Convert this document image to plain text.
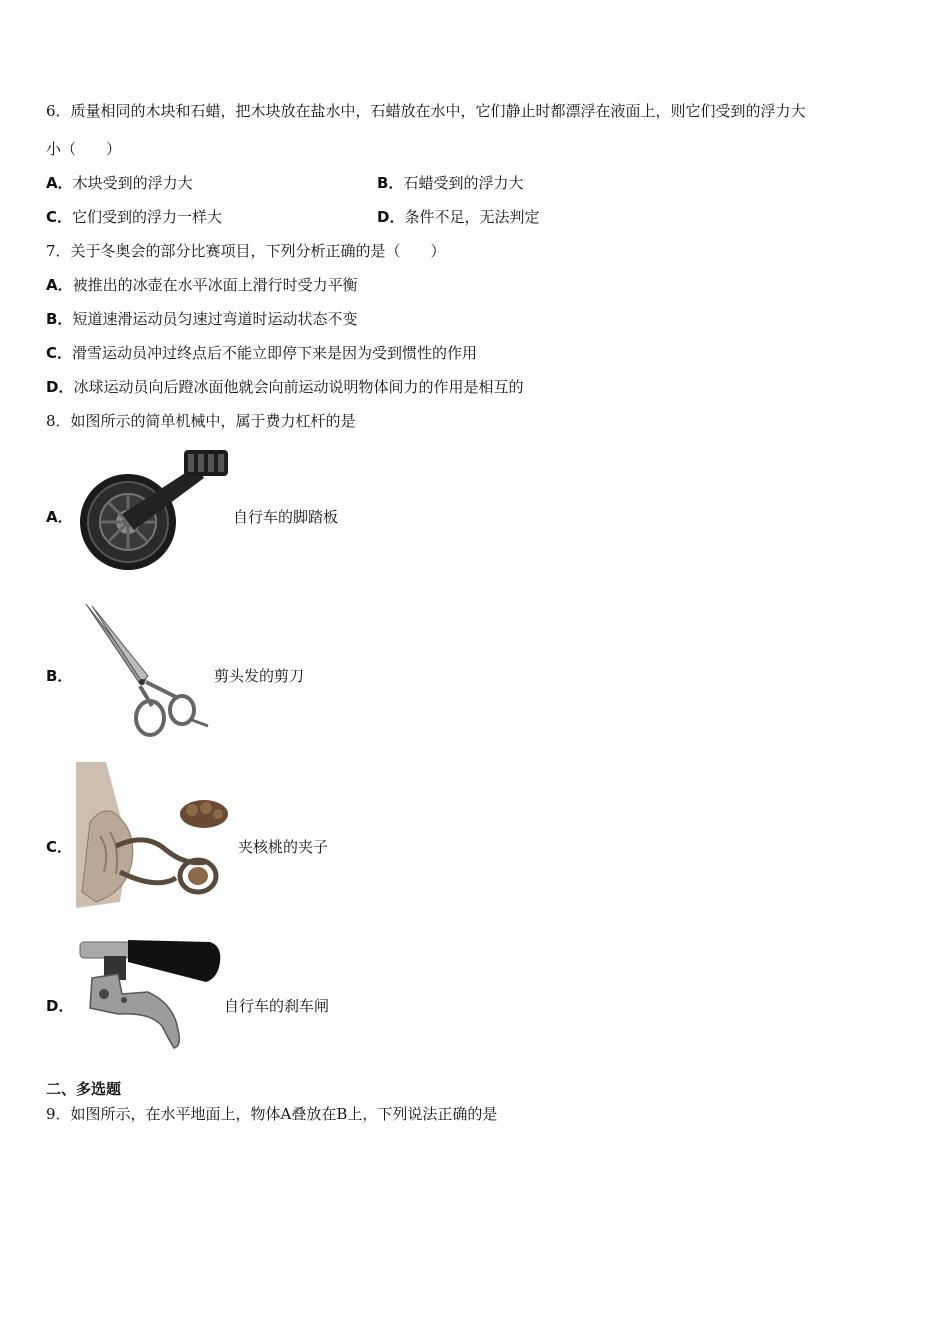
6．质量相同的木块和石蜡，把木块放在盐水中，石蜡放在水中，它们静止时都漂浮在液面上，则它们受到的浮力大
小（　　）
A．木块受到的浮力大	B．石蜡受到的浮力大
C．它们受到的浮力一样大	D．条件不足，无法判定
7．关于冬奥会的部分比赛项目，下列分析正确的是（　　）
A．被推出的冰壶在水平冰面上滑行时受力平衡
B．短道速滑运动员匀速过弯道时运动状态不变
C．滑雪运动员冲过终点后不能立即停下来是因为受到惯性的作用
D．冰球运动员向后蹬冰面他就会向前运动说明物体间力的作用是相互的
8．如图所示的简单机械中，属于费力杠杆的是
A．	自行车的脚踏板
B．	剪头发的剪刀
C．	夹核桃的夹子
D．	自行车的刹车闸
二、多选题
9．如图所示，在水平地面上，物体A叠放在B上，下列说法正确的是
